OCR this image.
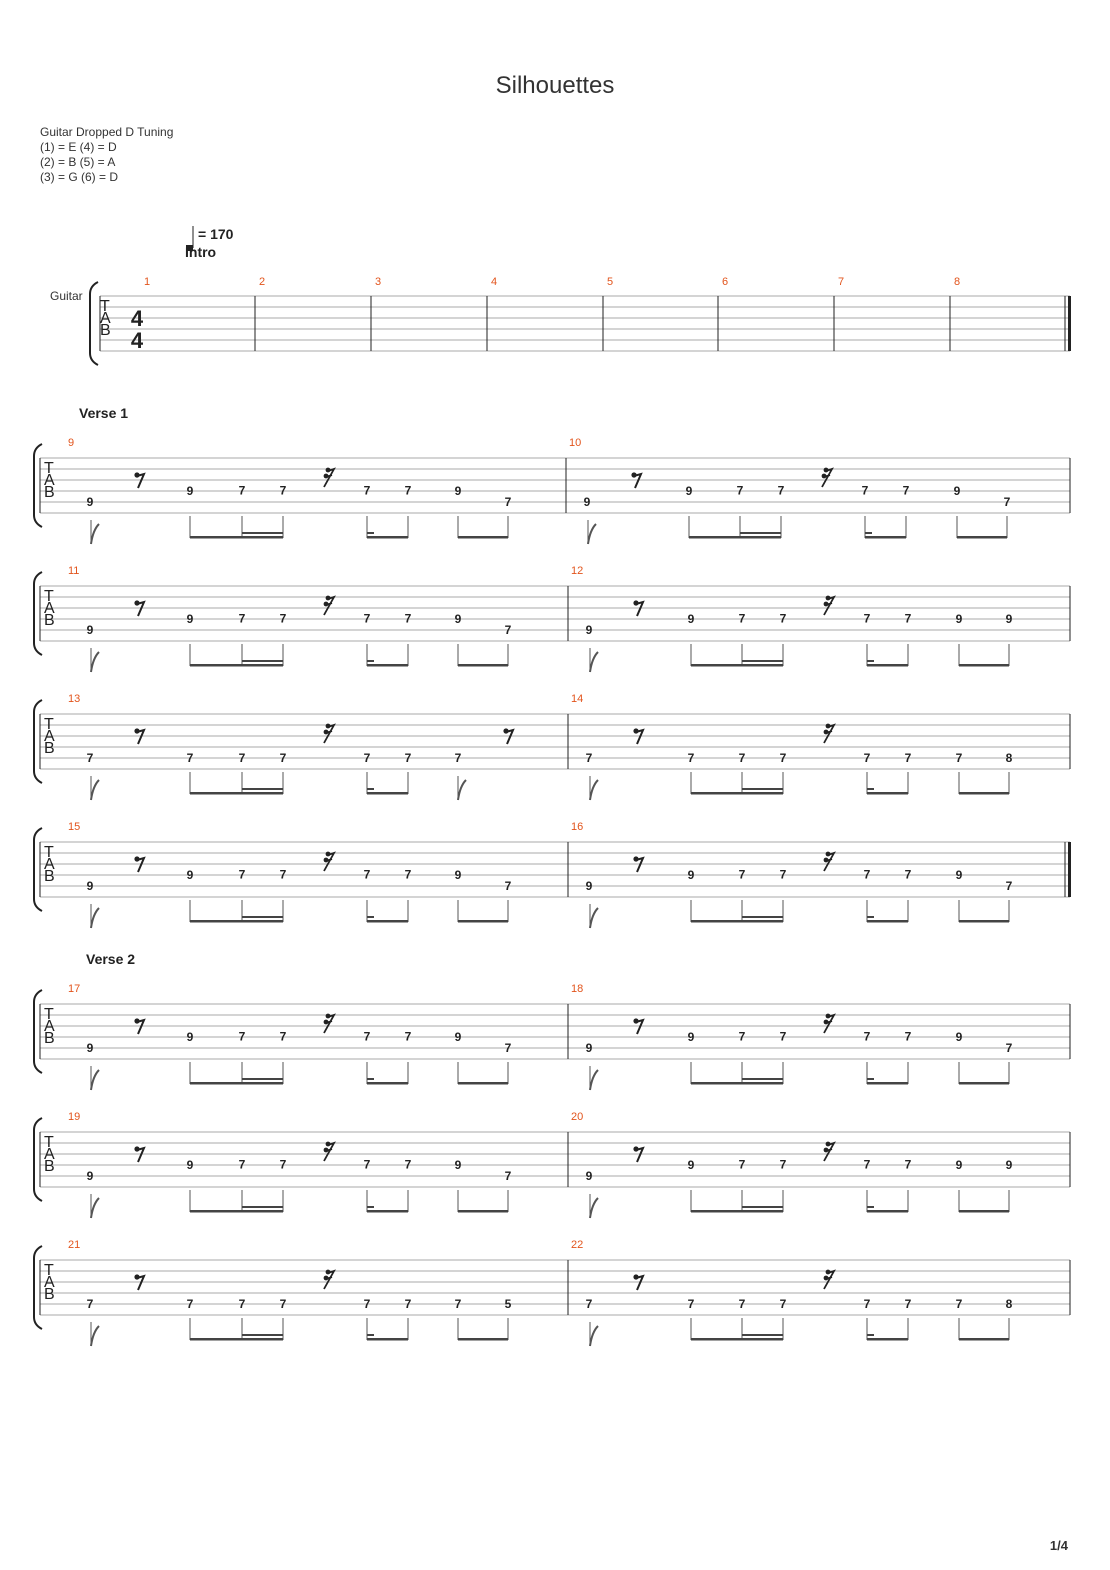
Silhouettes
Guitar Dropped D Tuning
(1) = E (4) = D
(2) = B (5) = A
(3) = G (6) = D
= 170
Intro
Guitar
T
A
B 4
4
1	2	3	4	5	6	7	8
Verse 1
T
A
B
9
9
9	7	7	7	7	9
7
10
9
9	7	7	7	7	9
7
T
A
B
11
9
9	7	7	7	7	9
7
12
9
9	7	7	7	7	9	9
T
A
B
13
7	7	7	7	7	7	7
14
7	7	7	7	7	7	7	8
T
A
B
15
9
9	7	7	7	7	9
7
16
9
9	7	7	7	7	9
7
Verse 2
T
A
B
17
9
9	7	7	7	7	9
7
18
9
9	7	7	7	7	9
7
T
A
B
19
9
9	7	7	7	7	9
7
20
9
9	7	7	7	7	9	9
T
A
B
21
7	7	7	7	7	7	7	5
22
7	7	7	7	7	7	7	8
1/4
